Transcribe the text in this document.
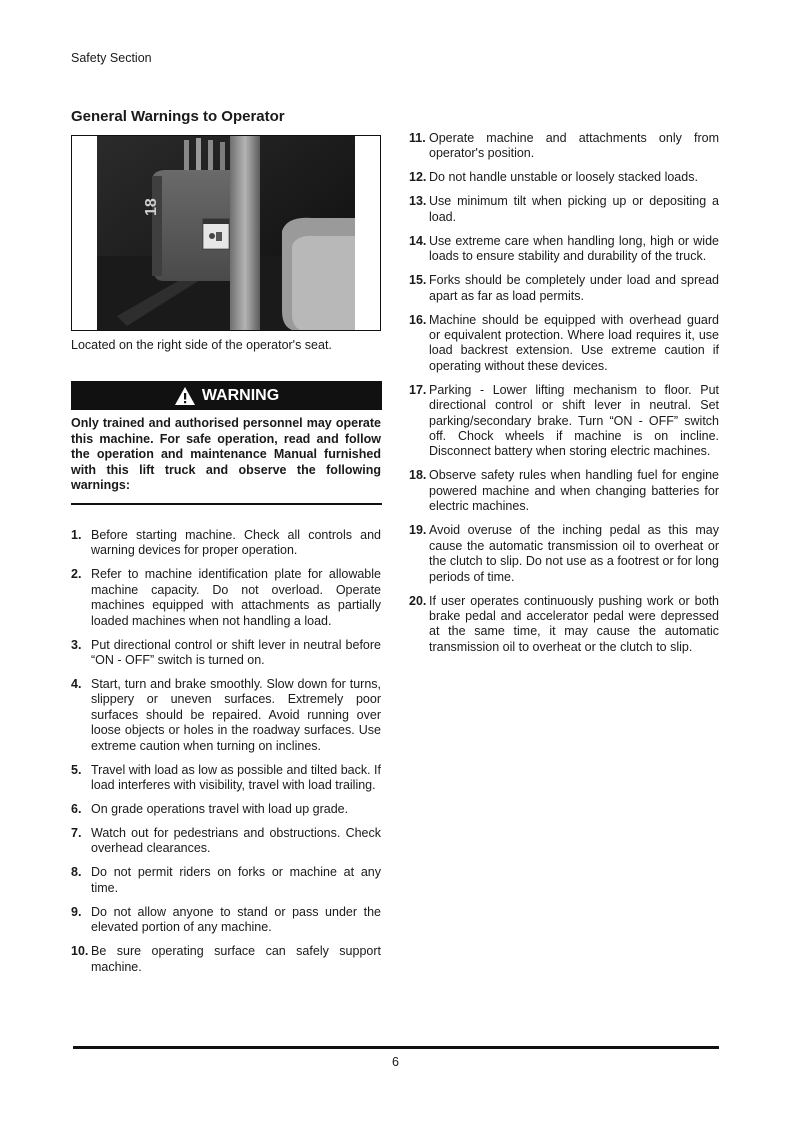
Safety Section
General Warnings to Operator
18
Located on the right side of the operator's seat.
WARNING

Only trained and authorised personnel may operate this machine. For safe operation, read and follow the operation and maintenance Manual furnished with this lift truck and observe the following warnings:

1. Before starting machine. Check all controls and warning devices for proper operation.
2. Refer to machine identification plate for allowable machine capacity. Do not overload. Operate machines equipped with attachments as partially loaded machines when not handling a load.
3. Put directional control or shift lever in neutral before “ON - OFF” switch is turned on.
4. Start, turn and brake smoothly. Slow down for turns, slippery or uneven surfaces. Extremely poor surfaces should be repaired. Avoid running over loose objects or holes in the roadway surfaces. Use extreme caution when turning on inclines.
5. Travel with load as low as possible and tilted back. If load interferes with visibility, travel with load trailing.
6. On grade operations travel with load up grade.
7. Watch out for pedestrians and obstructions. Check overhead clearances.
8. Do not permit riders on forks or machine at any time.
9. Do not allow anyone to stand or pass under the elevated portion of any machine.
10. Be sure operating surface can safely support machine.
11. Operate machine and attachments only from operator's position.
12. Do not handle unstable or loosely stacked loads.
13. Use minimum tilt when picking up or depositing a load.
14. Use extreme care when handling long, high or wide loads to ensure stability and durability of the truck.
15. Forks should be completely under load and spread apart as far as load permits.
16. Machine should be equipped with overhead guard or equivalent protection. Where load requires it, use load backrest extension. Use extreme caution if operating without these devices.
17. Parking - Lower lifting mechanism to floor. Put directional control or shift lever in neutral. Set parking/secondary brake. Turn “ON - OFF” switch off. Chock wheels if machine is on incline. Disconnect battery when storing electric machines.
18. Observe safety rules when handling fuel for engine powered machine and when changing batteries for electric machines.
19. Avoid overuse of the inching pedal as this may cause the automatic transmission oil to overheat or the clutch to slip. Do not use as a footrest or for long periods of time.
20. If user operates continuously pushing work or both brake pedal and accelerator pedal were depressed at the same time, it may cause the automatic transmission oil to overheat or the clutch to slip.
6
